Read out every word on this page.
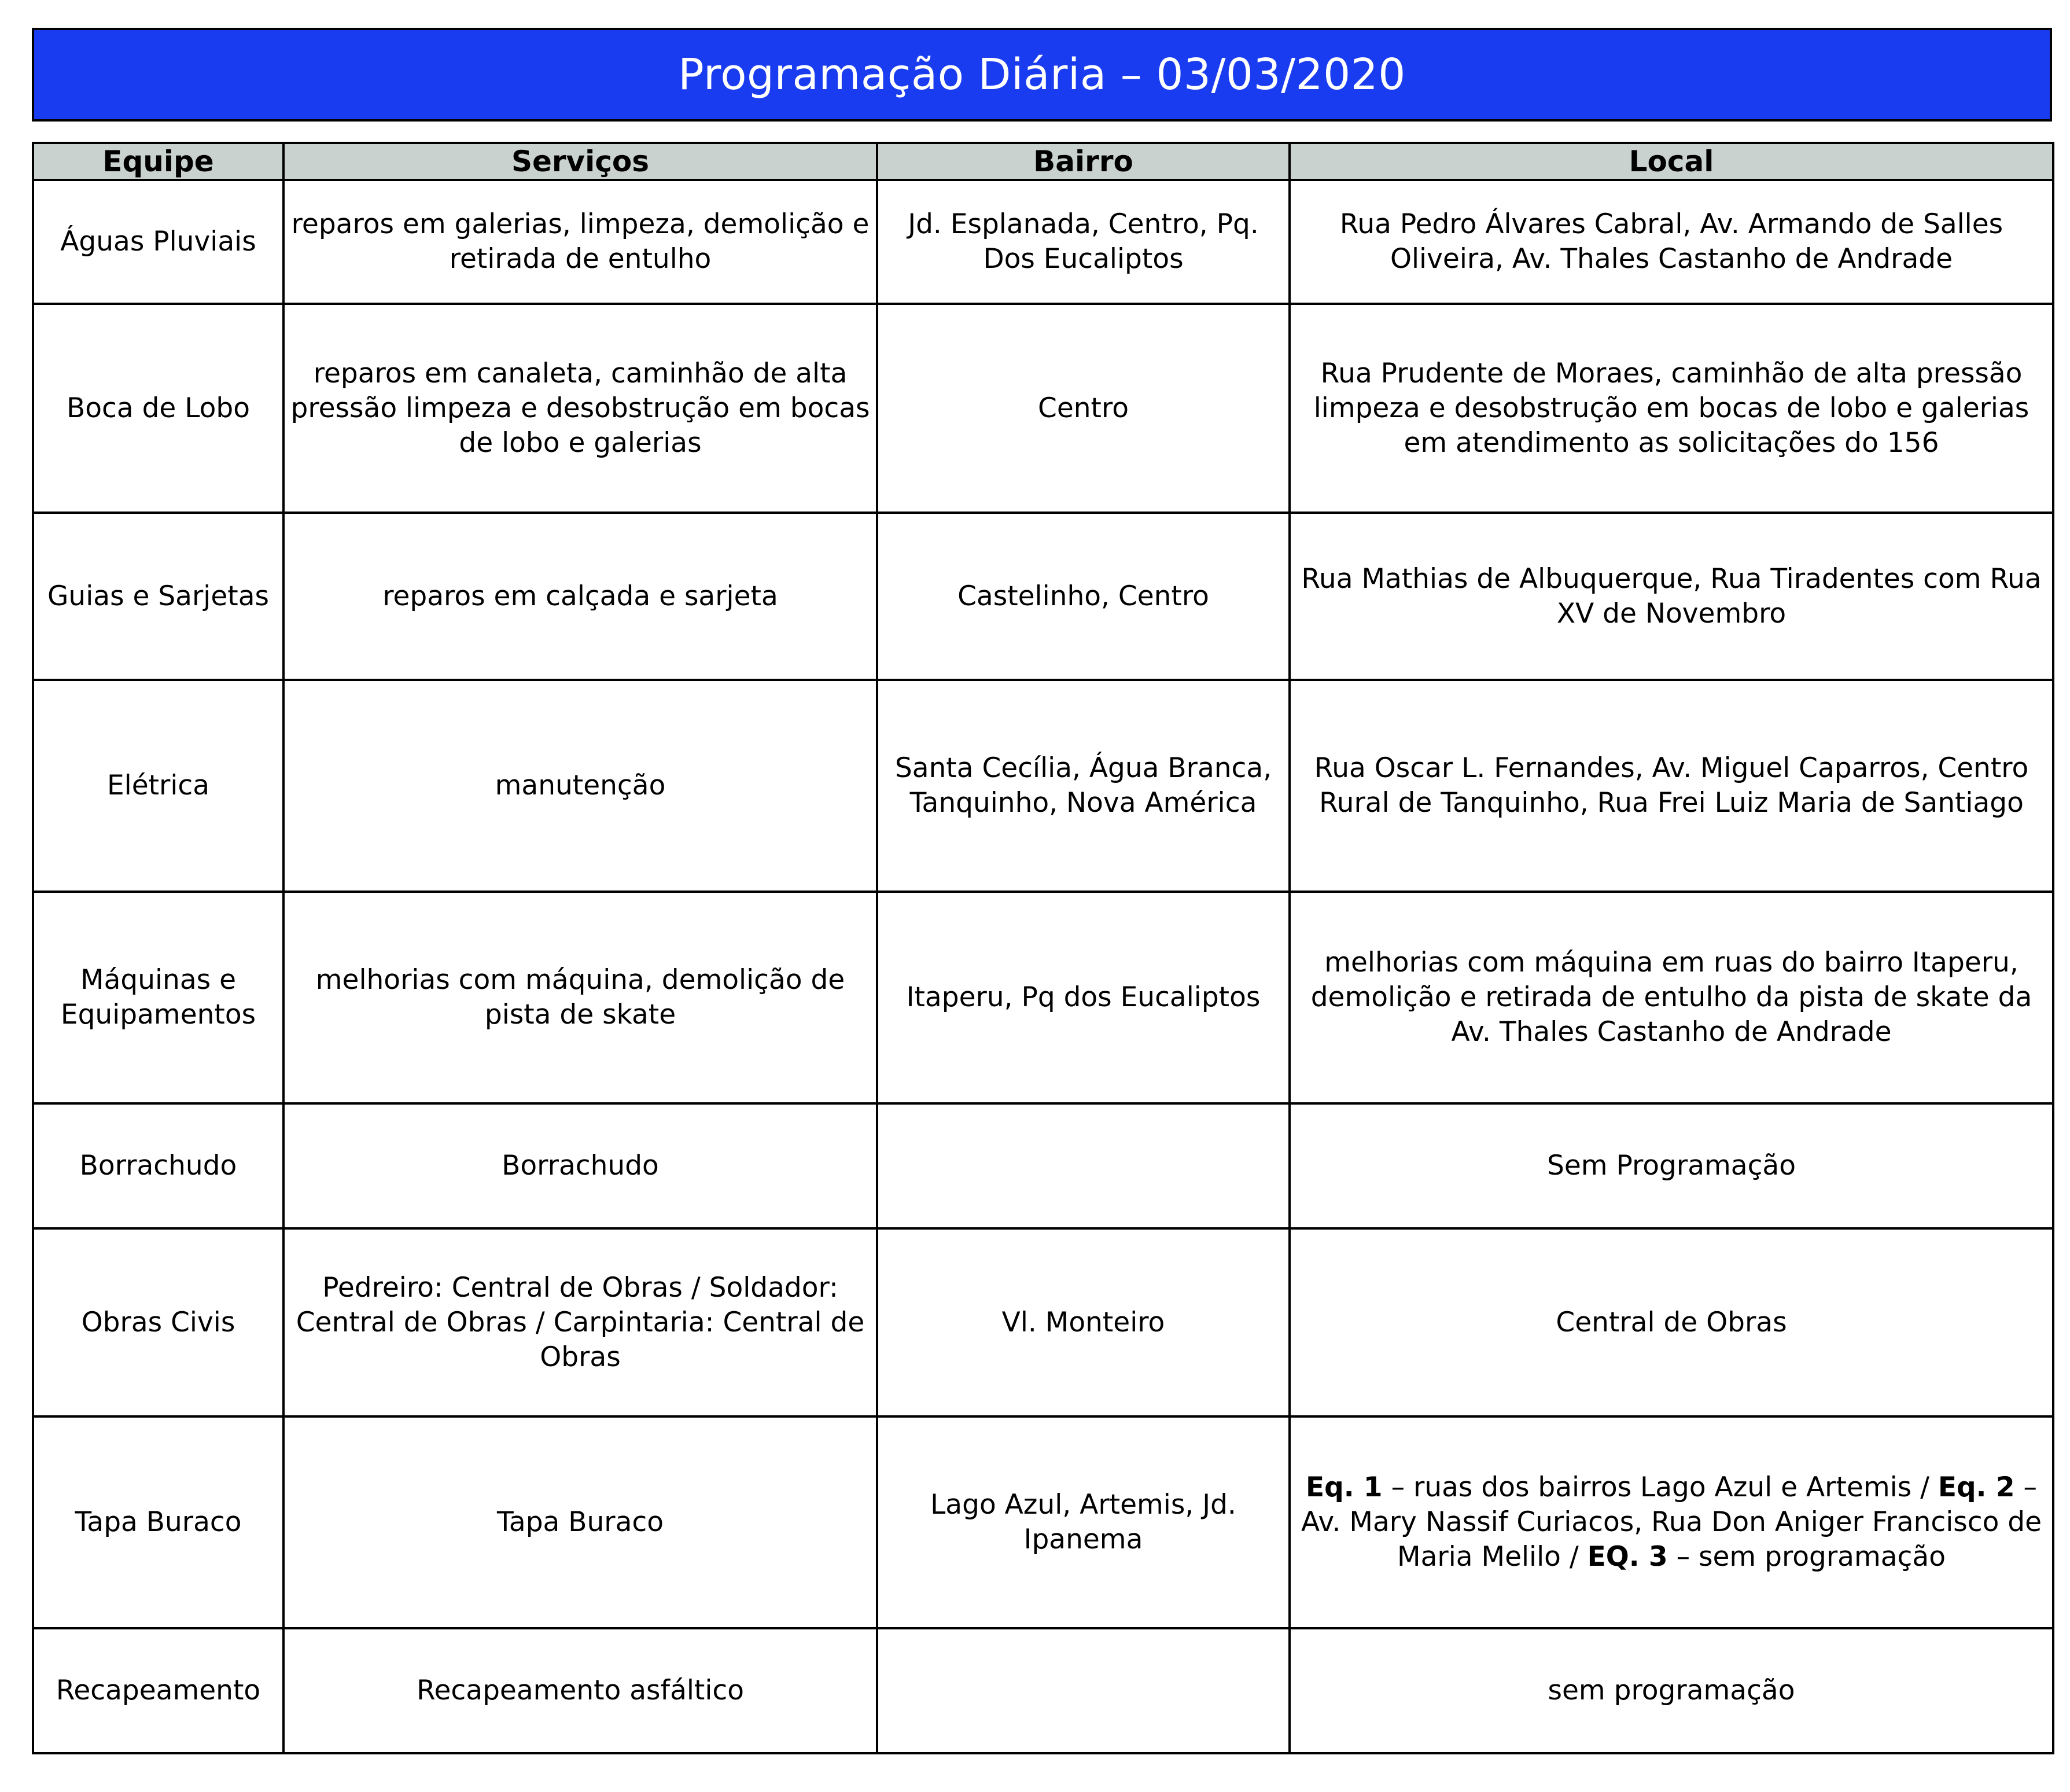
Programação Diária – 03/03/2020
Equipe	Serviços	Bairro	Local
Águas Pluviais	reparos em galerias, limpeza, demolição e retirada de entulho	Jd. Esplanada, Centro, Pq. Dos Eucaliptos	Rua Pedro Álvares Cabral, Av. Armando de Salles Oliveira, Av. Thales Castanho de Andrade
Boca de Lobo	reparos em canaleta, caminhão de alta pressão limpeza e desobstrução em bocas de lobo e galerias	Centro	Rua Prudente de Moraes, caminhão de alta pressão limpeza e desobstrução em bocas de lobo e galerias em atendimento as solicitações do 156
Guias e Sarjetas	reparos em calçada e sarjeta	Castelinho, Centro	Rua Mathias de Albuquerque, Rua Tiradentes com Rua XV de Novembro
Elétrica	manutenção	Santa Cecília, Água Branca, Tanquinho, Nova América	Rua Oscar L. Fernandes, Av. Miguel Caparros, Centro Rural de Tanquinho, Rua Frei Luiz Maria de Santiago
Máquinas e Equipamentos	melhorias com máquina, demolição de pista de skate	Itaperu, Pq dos Eucaliptos	melhorias com máquina em ruas do bairro Itaperu, demolição e retirada de entulho da pista de skate da Av. Thales Castanho de Andrade
Borrachudo	Borrachudo		Sem Programação
Obras Civis	Pedreiro: Central de Obras / Soldador: Central de Obras / Carpintaria: Central de Obras	Vl. Monteiro	Central de Obras
Tapa Buraco	Tapa Buraco	Lago Azul, Artemis, Jd. Ipanema	Eq. 1 – ruas dos bairros Lago Azul e Artemis / Eq. 2 – Av. Mary Nassif Curiacos, Rua Don Aniger Francisco de Maria Melilo / EQ. 3 – sem programação
Recapeamento	Recapeamento asfáltico		sem programação
